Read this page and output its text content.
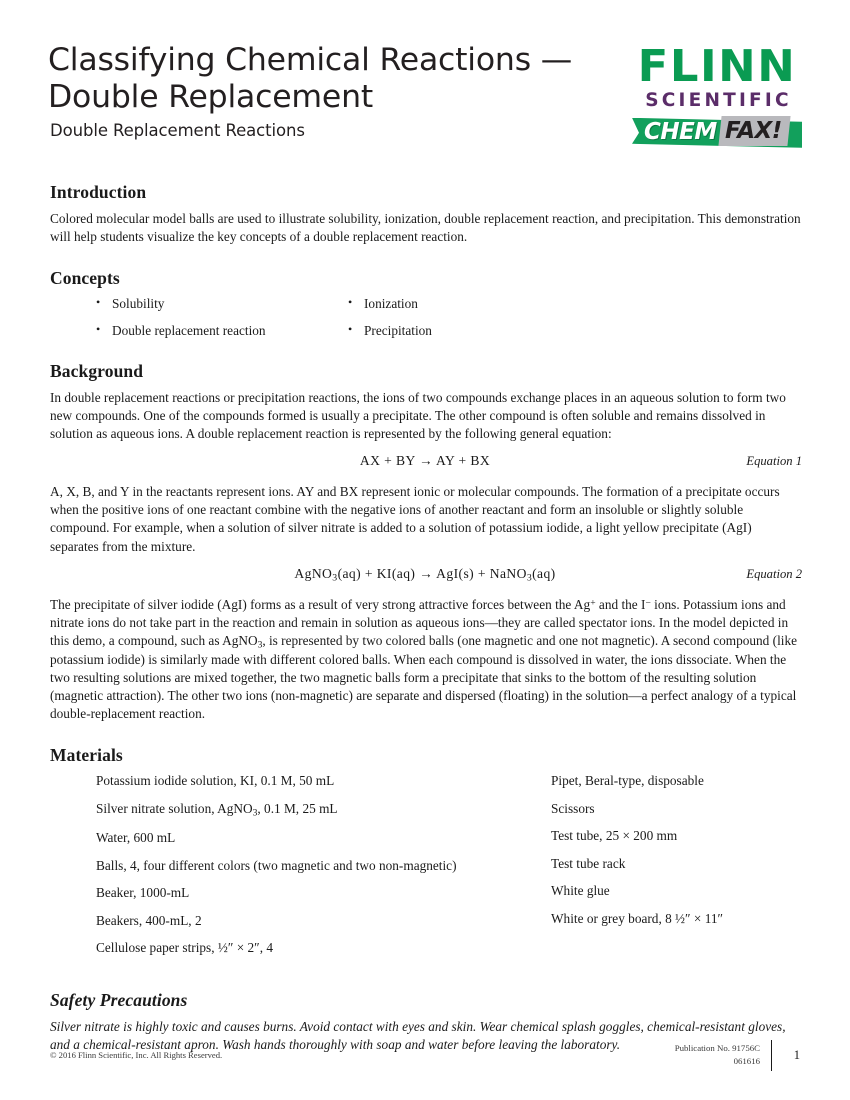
Classifying Chemical Reactions — Double Replacement
Double Replacement Reactions
FLINN
SCIENTIFIC
CHEM FAX!
Introduction

Colored molecular model balls are used to illustrate solubility, ionization, double replacement reaction, and precipitation. This demonstration will help students visualize the key concepts of a double replacement reaction.

Concepts
• Solubility	• Ionization
• Double replacement reaction	• Precipitation
Background

In double replacement reactions or precipitation reactions, the ions of two compounds exchange places in an aqueous solution to form two new compounds. One of the compounds formed is usually a precipitate. The other compound is often soluble and remains dissolved in solution as aqueous ions. A double replacement reaction is represented by the following general equation:

AX + BY → AY + BX	Equation 1

A, X, B, and Y in the reactants represent ions. AY and BX represent ionic or molecular compounds. The formation of a precipitate occurs when the positive ions of one reactant combine with the negative ions of another reactant and form an insoluble or slightly soluble compound. For example, when a solution of silver nitrate is added to a solution of potassium iodide, a light yellow precipitate (AgI) separates from the mixture.

AgNO$_3$(aq) + KI(aq) → AgI(s) + NaNO$_3$(aq)	Equation 2

The precipitate of silver iodide (AgI) forms as a result of very strong attractive forces between the Ag+ and the I− ions. Potassium ions and nitrate ions do not take part in the reaction and remain in solution as aqueous ions—they are called spectator ions. In the model depicted in this demo, a compound, such as AgNO$_3$, is represented by two colored balls (one magnetic and one not magnetic). A second compound (like potassium iodide) is similarly made with different colored balls. When each compound is dissolved in water, the ions dissociate. When the two resulting solutions are mixed together, the two magnetic balls form a precipitate that sinks to the bottom of the resulting solution (magnetic attraction). The other two ions (non-magnetic) are separate and dispersed (floating) in the solution—a perfect analogy of a typical double-replacement reaction.

Materials
Potassium iodide solution, KI, 0.1 M, 50 mL
Silver nitrate solution, AgNO$_3$, 0.1 M, 25 mL
Water, 600 mL
Balls, 4, four different colors (two magnetic and two non-magnetic)
Beaker, 1000-mL
Beakers, 400-mL, 2
Cellulose paper strips, ½″ × 2″, 4
Pipet, Beral-type, disposable
Scissors
Test tube, 25 × 200 mm
Test tube rack
White glue
White or grey board, 8 ½″ × 11″
Safety Precautions

Silver nitrate is highly toxic and causes burns. Avoid contact with eyes and skin. Wear chemical splash goggles, chemical-resistant gloves, and a chemical-resistant apron. Wash hands thoroughly with soap and water before leaving the laboratory.

© 2016 Flinn Scientific, Inc. All Rights Reserved.
Publication No. 91756C
061616	1
